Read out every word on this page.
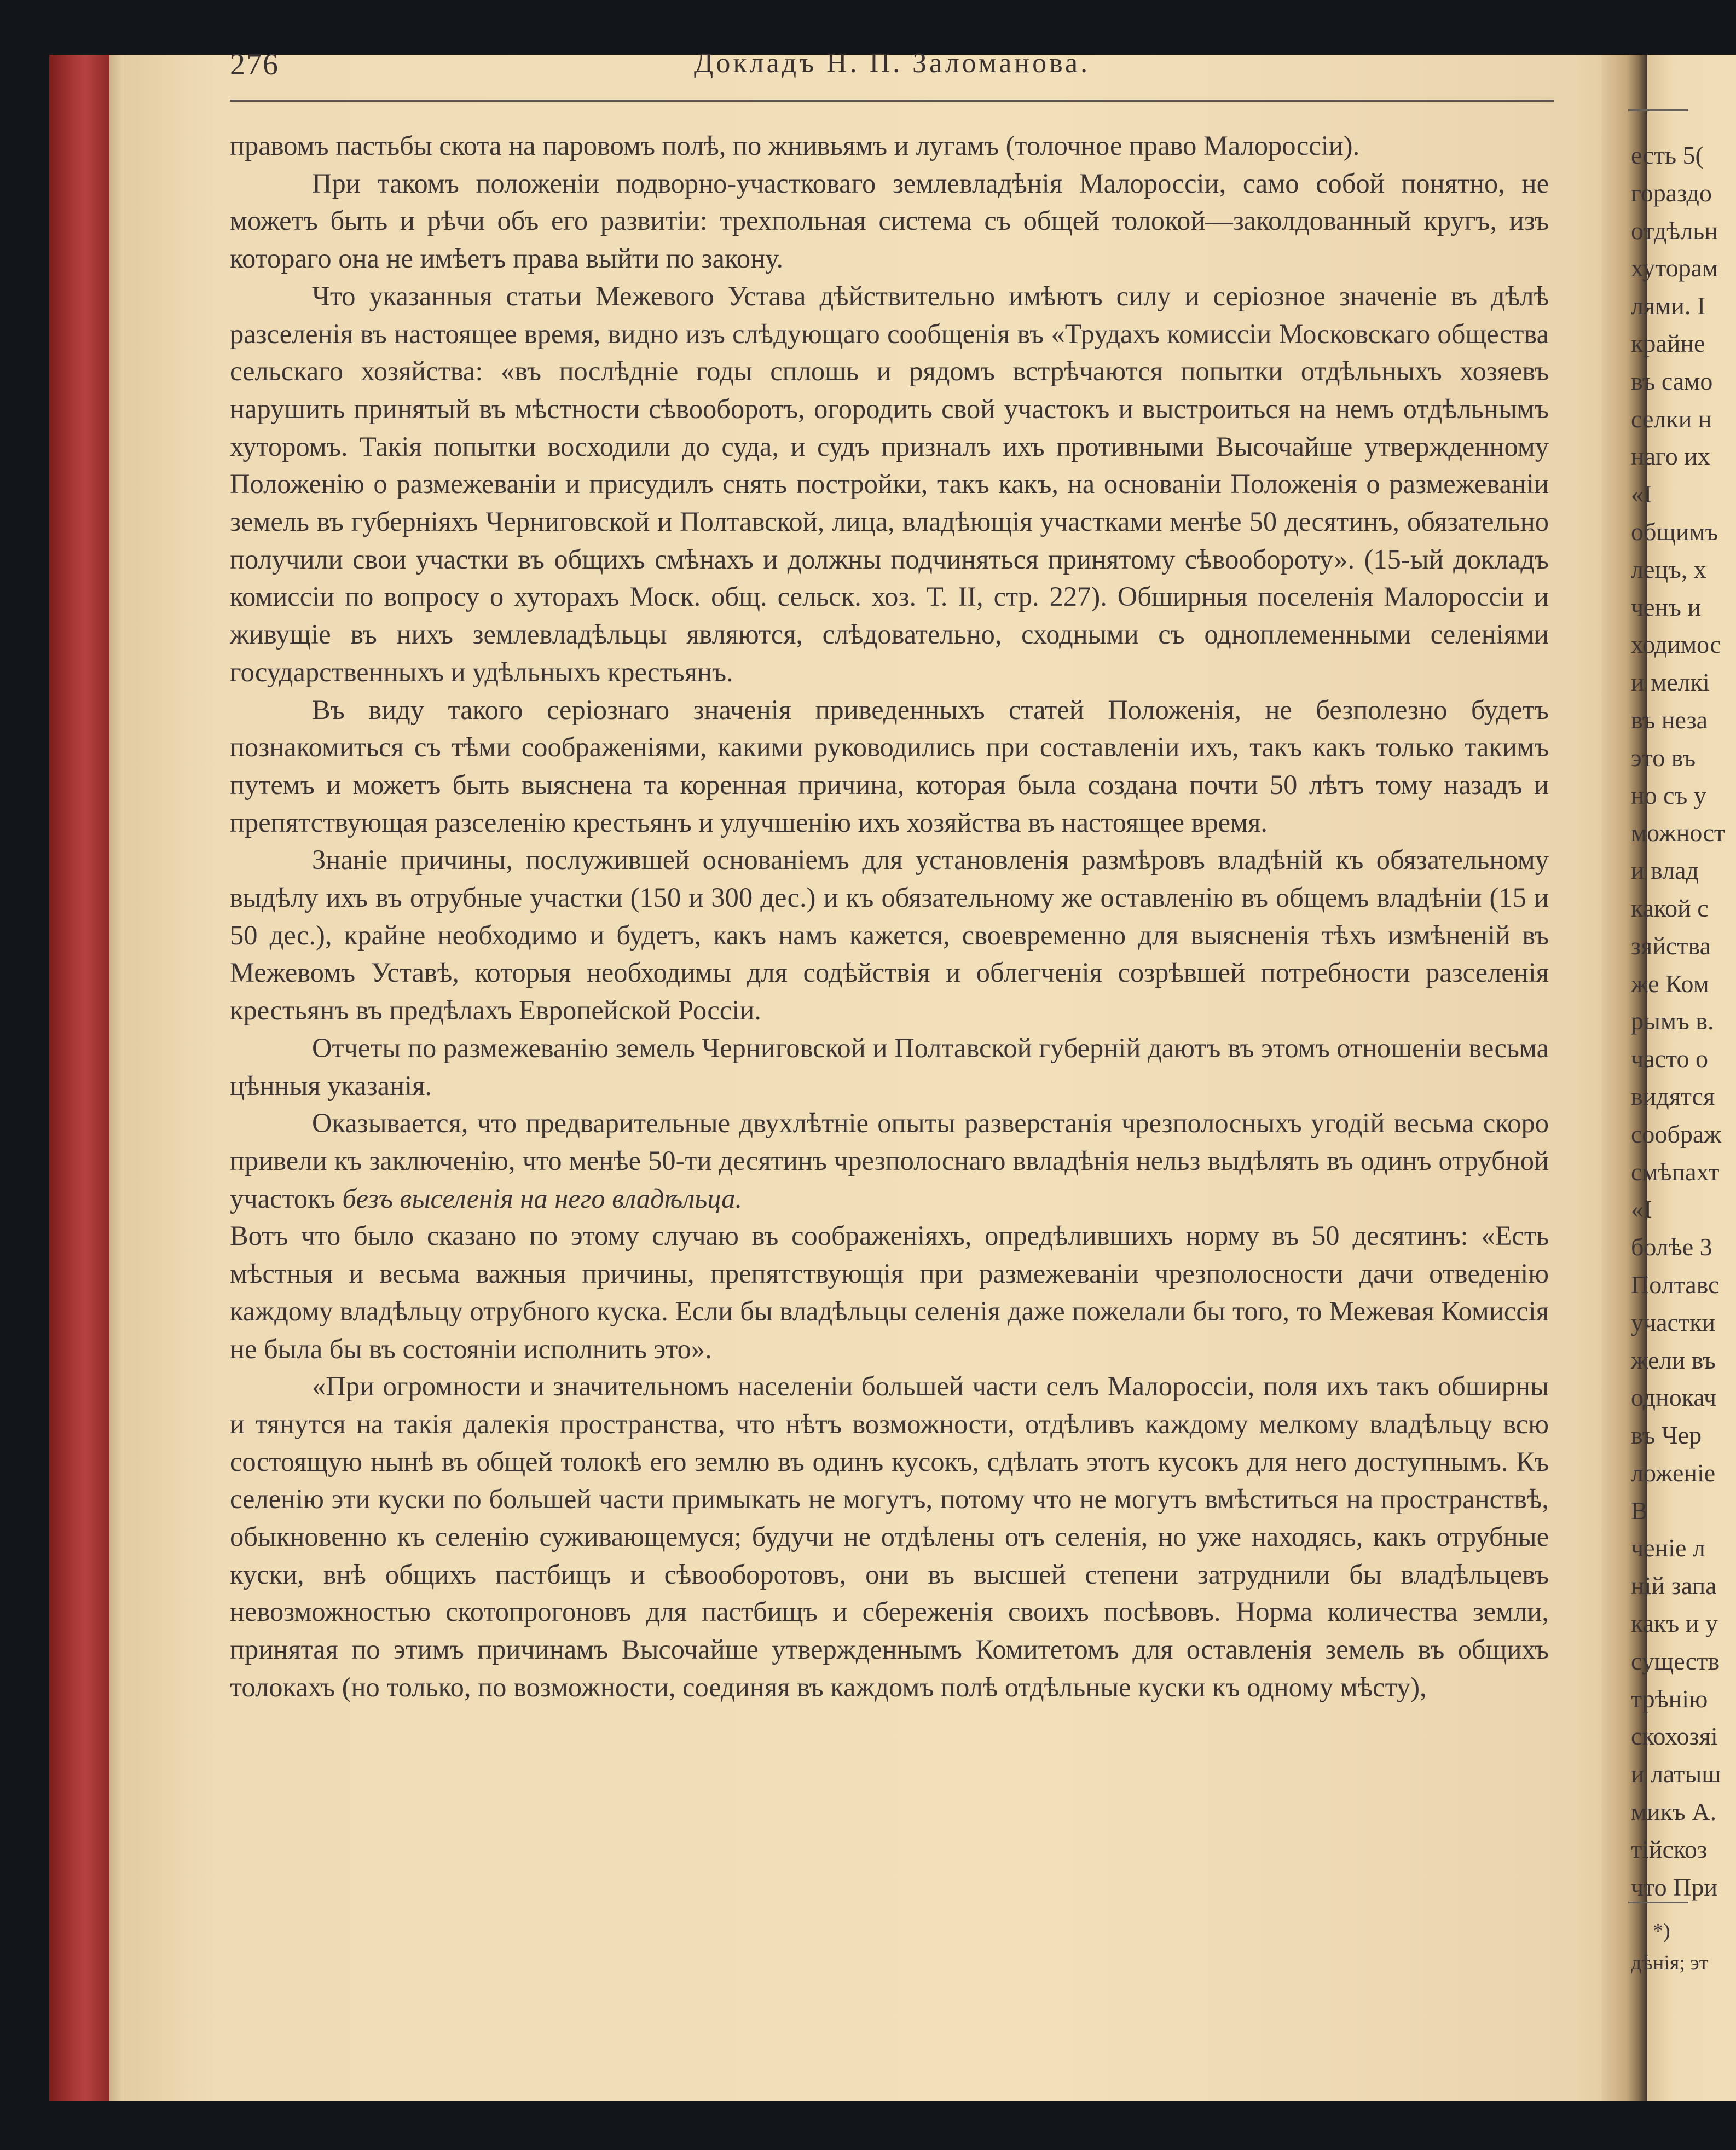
276	Докладъ Н. П. Заломанова.

правомъ пастьбы скота на паровомъ полѣ, по жнивьямъ и лугамъ (толочное право Малороссіи).

При такомъ положеніи подворно-участковаго землевладѣнія Малороссіи, само собой понятно, не можетъ быть и рѣчи объ его развитіи: трехпольная система съ общей толокой—заколдованный кругъ, изъ котораго она не имѣетъ права выйти по закону.

Что указанныя статьи Межевого Устава дѣйствительно имѣютъ силу и серіозное значеніе въ дѣлѣ разселенія въ настоящее время, видно изъ слѣдующаго сообщенія въ «Трудахъ комиссіи Московскаго общества сельскаго хозяйства: «въ послѣдніе годы сплошь и рядомъ встрѣчаются попытки отдѣльныхъ хозяевъ нарушить принятый въ мѣстности сѣвооборотъ, огородить свой участокъ и выстроиться на немъ отдѣльнымъ хуторомъ. Такія попытки восходили до суда, и судъ призналъ ихъ противными Высочайше утвержденному Положенію о размежеваніи и присудилъ снять постройки, такъ какъ, на основаніи Положенія о размежеваніи земель въ губерніяхъ Черниговской и Полтавской, лица, владѣющія участками менѣе 50 десятинъ, обязательно получили свои участки въ общихъ смѣнахъ и должны подчиняться принятому сѣвообороту». (15-ый докладъ комиссіи по вопросу о хуторахъ Моск. общ. сельск. хоз. Т. II, стр. 227). Обширныя поселенія Малороссіи и живущіе въ нихъ землевладѣльцы являются, слѣдовательно, сходными съ одноплеменными селеніями государственныхъ и удѣльныхъ крестьянъ.

Въ виду такого серіознаго значенія приведенныхъ статей Положенія, не безполезно будетъ познакомиться съ тѣми соображеніями, какими руководились при составленіи ихъ, такъ какъ только такимъ путемъ и можетъ быть выяснена та коренная причина, которая была создана почти 50 лѣтъ тому назадъ и препятствующая разселенію крестьянъ и улучшенію ихъ хозяйства въ настоящее время.

Знаніе причины, послужившей основаніемъ для установленія размѣровъ владѣній къ обязательному выдѣлу ихъ въ отрубные участки (150 и 300 дес.) и къ обязательному же оставленію въ общемъ владѣніи (15 и 50 дес.), крайне необходимо и будетъ, какъ намъ кажется, своевременно для выясненія тѣхъ измѣненій въ Межевомъ Уставѣ, которыя необходимы для содѣйствія и облегченія созрѣвшей потребности разселенія крестьянъ въ предѣлахъ Европейской Россіи.

Отчеты по размежеванію земель Черниговской и Полтавской губерній даютъ въ этомъ отношеніи весьма цѣнныя указанія.

Оказывается, что предварительные двухлѣтніе опыты разверстанія чрезполосныхъ угодій весьма скоро привели къ заключенію, что менѣе 50-ти десятинъ чрезполоснаго ввладѣнія нельз выдѣлять въ одинъ отрубной участокъ безъ выселенія на него владѣльца.

Вотъ что было сказано по этому случаю въ соображеніяхъ, опредѣлившихъ норму въ 50 десятинъ: «Есть мѣстныя и весьма важныя причины, препятствующія при размежеваніи чрезполосности дачи отведенію каждому владѣльцу отрубного куска. Если бы владѣльцы селенія даже пожелали бы того, то Межевая Комиссія не была бы въ состояніи исполнить это».

«При огромности и значительномъ населеніи большей части селъ Малороссіи, поля ихъ такъ обширны и тянутся на такія далекія пространства, что нѣтъ возможности, отдѣливъ каждому мелкому владѣльцу всю состоящую нынѣ въ общей толокѣ его землю въ одинъ кусокъ, сдѣлать этотъ кусокъ для него доступнымъ. Къ селенію эти куски по большей части примыкать не могутъ, потому что не могутъ вмѣститься на пространствѣ, обыкновенно къ селенію суживающемуся; будучи не отдѣлены отъ селенія, но уже находясь, какъ отрубные куски, внѣ общихъ пастбищъ и сѣвооборотовъ, они въ высшей степени затруднили бы владѣльцевъ невозможностью скотопрогоновъ для пастбищъ и сбереженія своихъ посѣвовъ. Норма количества земли, принятая по этимъ причинамъ Высочайше утвержденнымъ Комитетомъ для оставленія земель въ общихъ толокахъ (но только, по возможности, соединяя въ каждомъ полѣ отдѣльные куски къ одному мѣсту),

есть 5(
гораздо
отдѣльн
хуторам
лями. I
крайне
въ само
селки н
наго их
«I
общимъ
лецъ, х
ченъ и
ходимос
и мелкі
въ неза
это въ
но съ у
можност
и влад
какой с
зяйства
же Ком
рымъ в.
часто о
видятся
соображ
смѣпахт
«I
болѣе 3
Полтавс
участки
жели въ
однокач
въ Чер
ложеніе
В
ченіе л
ній запа
какъ и у
существ
трѣнію
скохозяі
и латыш
микъ А.
тійскоз
что При
*)
дѣнія; эт
